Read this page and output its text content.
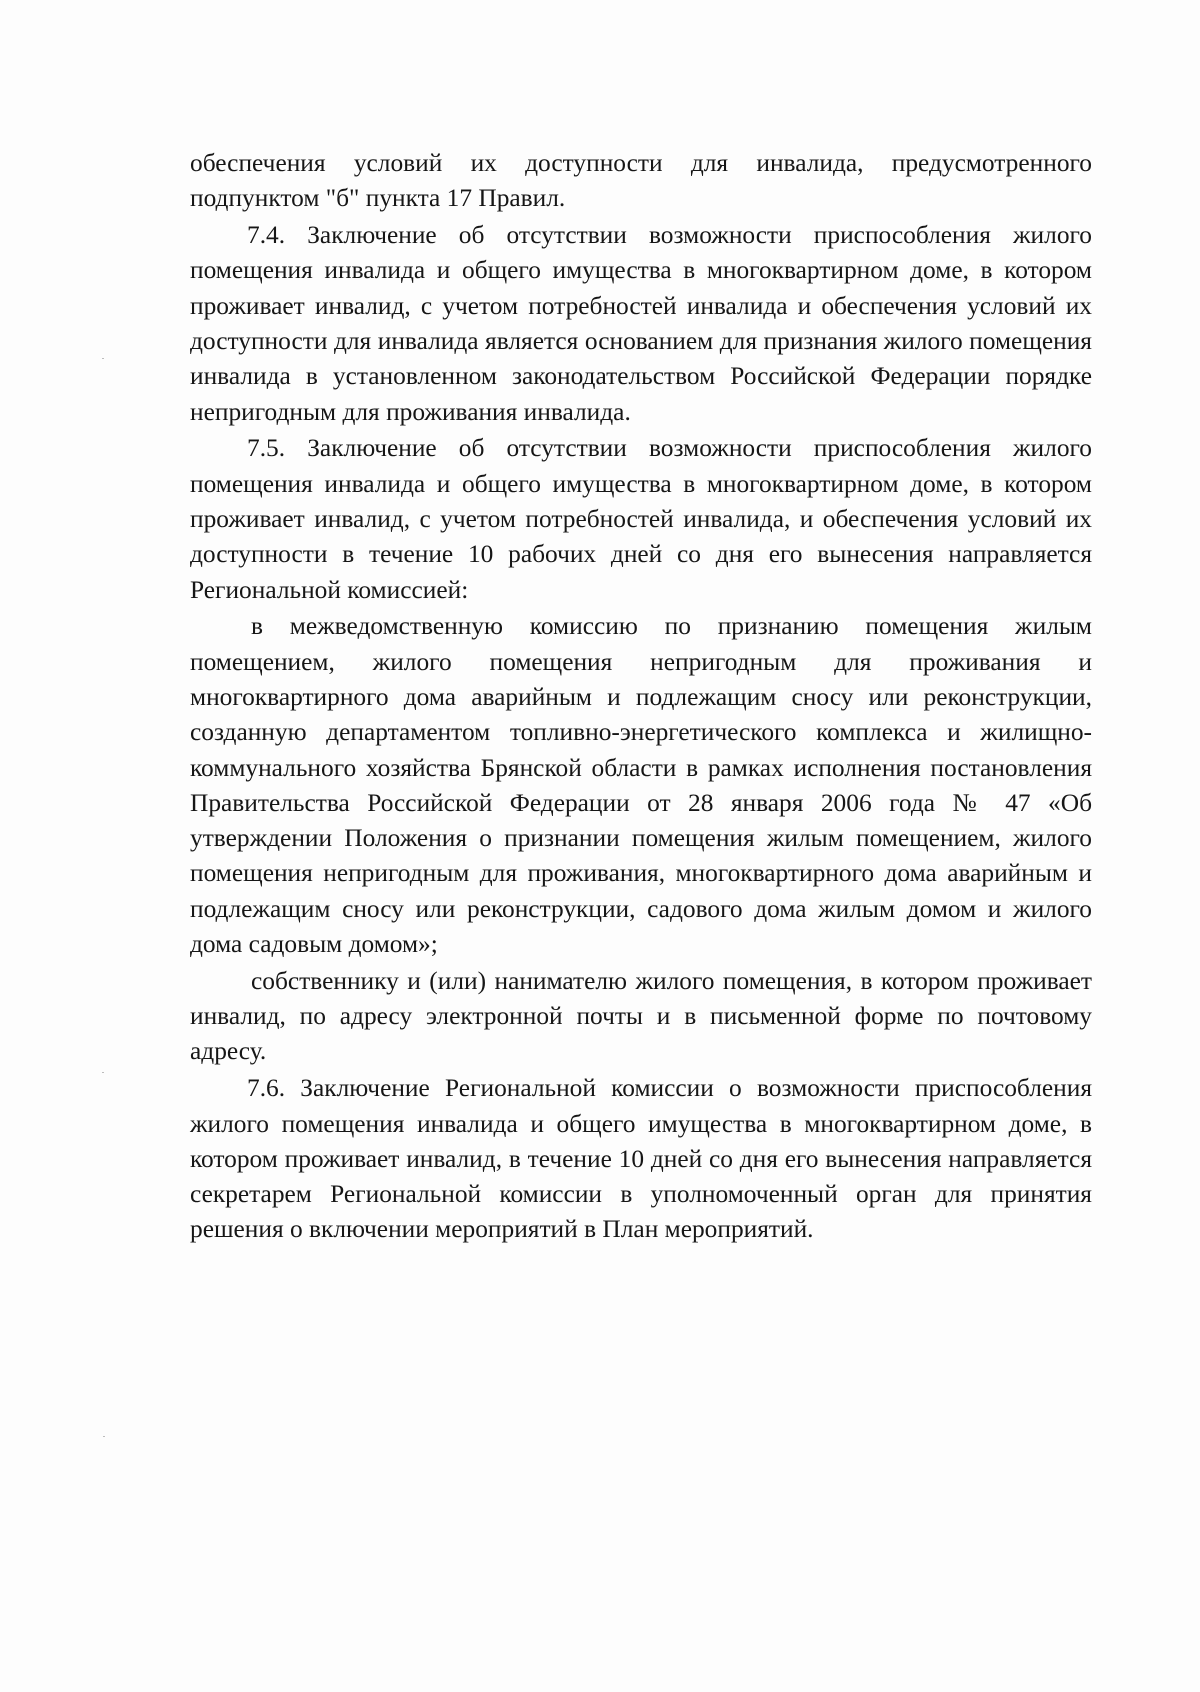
обеспечения условий их доступности для инвалида, предусмотренного подпунктом "б" пункта 17 Правил.

7.4. Заключение об отсутствии возможности приспособления жилого помещения инвалида и общего имущества в многоквартирном доме, в котором проживает инвалид, с учетом потребностей инвалида и обеспечения условий их доступности для инвалида является основанием для признания жилого помещения инвалида в установленном законодательством Российской Федерации порядке непригодным для проживания инвалида.

7.5. Заключение об отсутствии возможности приспособления жилого помещения инвалида и общего имущества в многоквартирном доме, в котором проживает инвалид, с учетом потребностей инвалида, и обеспечения условий их доступности в течение 10 рабочих дней со дня его вынесения направляется Региональной комиссией:

в межведомственную комиссию по признанию помещения жилым помещением, жилого помещения непригодным для проживания и многоквартирного дома аварийным и подлежащим сносу или реконструкции, созданную департаментом топливно-энергетического комплекса и жилищно-коммунального хозяйства Брянской области в рамках исполнения постановления Правительства Российской Федерации от 28 января 2006 года № 47 «Об утверждении Положения о признании помещения жилым помещением, жилого помещения непригодным для проживания, многоквартирного дома аварийным и подлежащим сносу или реконструкции, садового дома жилым домом и жилого дома садовым домом»;

собственнику и (или) нанимателю жилого помещения, в котором проживает инвалид, по адресу электронной почты и в письменной форме по почтовому адресу.

7.6. Заключение Региональной комиссии о возможности приспособления жилого помещения инвалида и общего имущества в многоквартирном доме, в котором проживает инвалид, в течение 10 дней со дня его вынесения направляется секретарем Региональной комиссии в уполномоченный орган для принятия решения о включении мероприятий в План мероприятий.
